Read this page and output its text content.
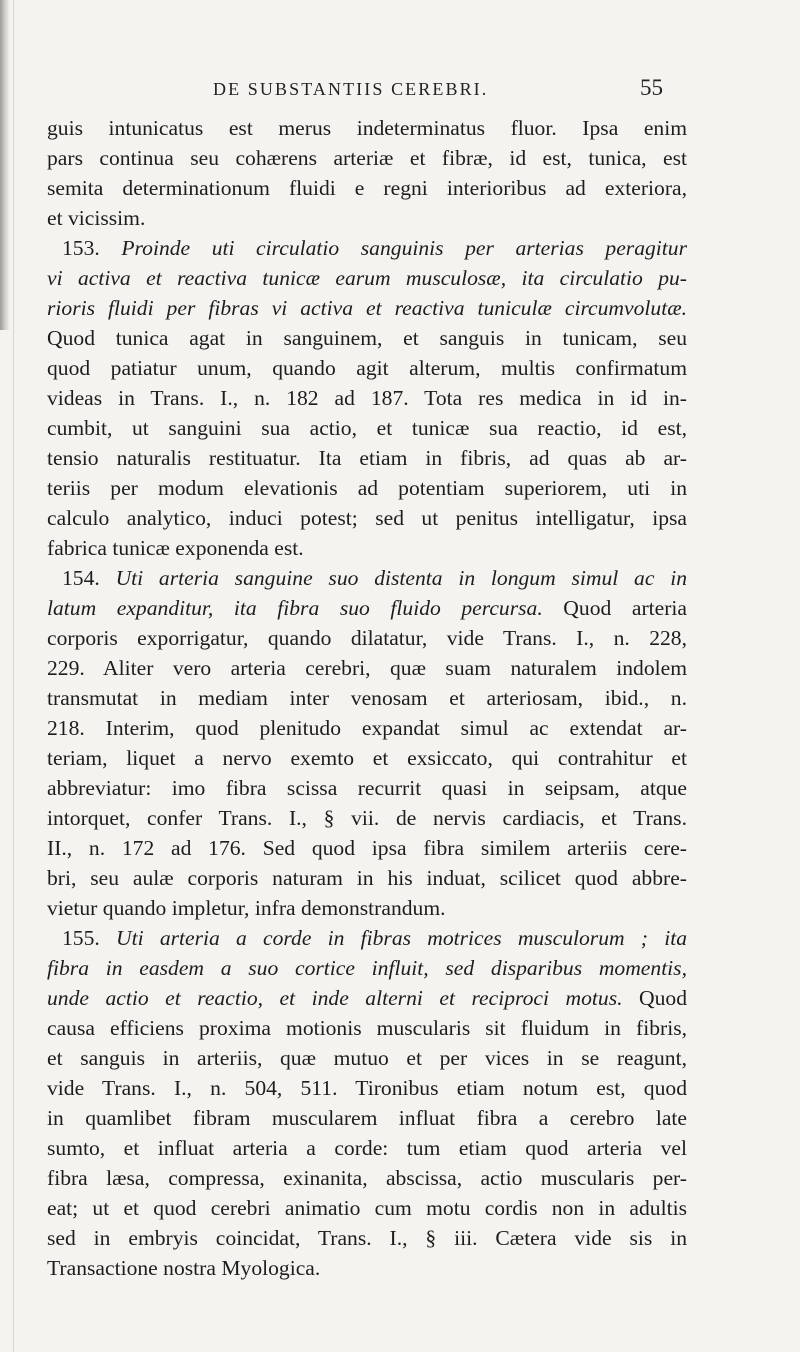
DE SUBSTANTIIS CEREBRI.	55
guis intunicatus est merus indeterminatus fluor. Ipsa enim
pars continua seu cohærens arteriæ et fibræ, id est, tunica, est
semita determinationum fluidi e regni interioribus ad exteriora,
et vicissim.
153. Proinde uti circulatio sanguinis per arterias peragitur
vi activa et reactiva tunicæ earum musculosæ, ita circulatio pu-
rioris fluidi per fibras vi activa et reactiva tuniculæ circumvolutæ.
Quod tunica agat in sanguinem, et sanguis in tunicam, seu
quod patiatur unum, quando agit alterum, multis confirmatum
videas in Trans. I., n. 182 ad 187. Tota res medica in id in-
cumbit, ut sanguini sua actio, et tunicæ sua reactio, id est,
tensio naturalis restituatur. Ita etiam in fibris, ad quas ab ar-
teriis per modum elevationis ad potentiam superiorem, uti in
calculo analytico, induci potest; sed ut penitus intelligatur, ipsa
fabrica tunicæ exponenda est.
154. Uti arteria sanguine suo distenta in longum simul ac in
latum expanditur, ita fibra suo fluido percursa. Quod arteria
corporis exporrigatur, quando dilatatur, vide Trans. I., n. 228,
229. Aliter vero arteria cerebri, quæ suam naturalem indolem
transmutat in mediam inter venosam et arteriosam, ibid., n.
218. Interim, quod plenitudo expandat simul ac extendat ar-
teriam, liquet a nervo exemto et exsiccato, qui contrahitur et
abbreviatur: imo fibra scissa recurrit quasi in seipsam, atque
intorquet, confer Trans. I., § vii. de nervis cardiacis, et Trans.
II., n. 172 ad 176. Sed quod ipsa fibra similem arteriis cere-
bri, seu aulæ corporis naturam in his induat, scilicet quod abbre-
vietur quando impletur, infra demonstrandum.
155. Uti arteria a corde in fibras motrices musculorum ; ita
fibra in easdem a suo cortice influit, sed disparibus momentis,
unde actio et reactio, et inde alterni et reciproci motus. Quod
causa efficiens proxima motionis muscularis sit fluidum in fibris,
et sanguis in arteriis, quæ mutuo et per vices in se reagunt,
vide Trans. I., n. 504, 511. Tironibus etiam notum est, quod
in quamlibet fibram muscularem influat fibra a cerebro late
sumto, et influat arteria a corde: tum etiam quod arteria vel
fibra læsa, compressa, exinanita, abscissa, actio muscularis per-
eat; ut et quod cerebri animatio cum motu cordis non in adultis
sed in embryis coincidat, Trans. I., § iii. Cætera vide sis in
Transactione nostra Myologica.
